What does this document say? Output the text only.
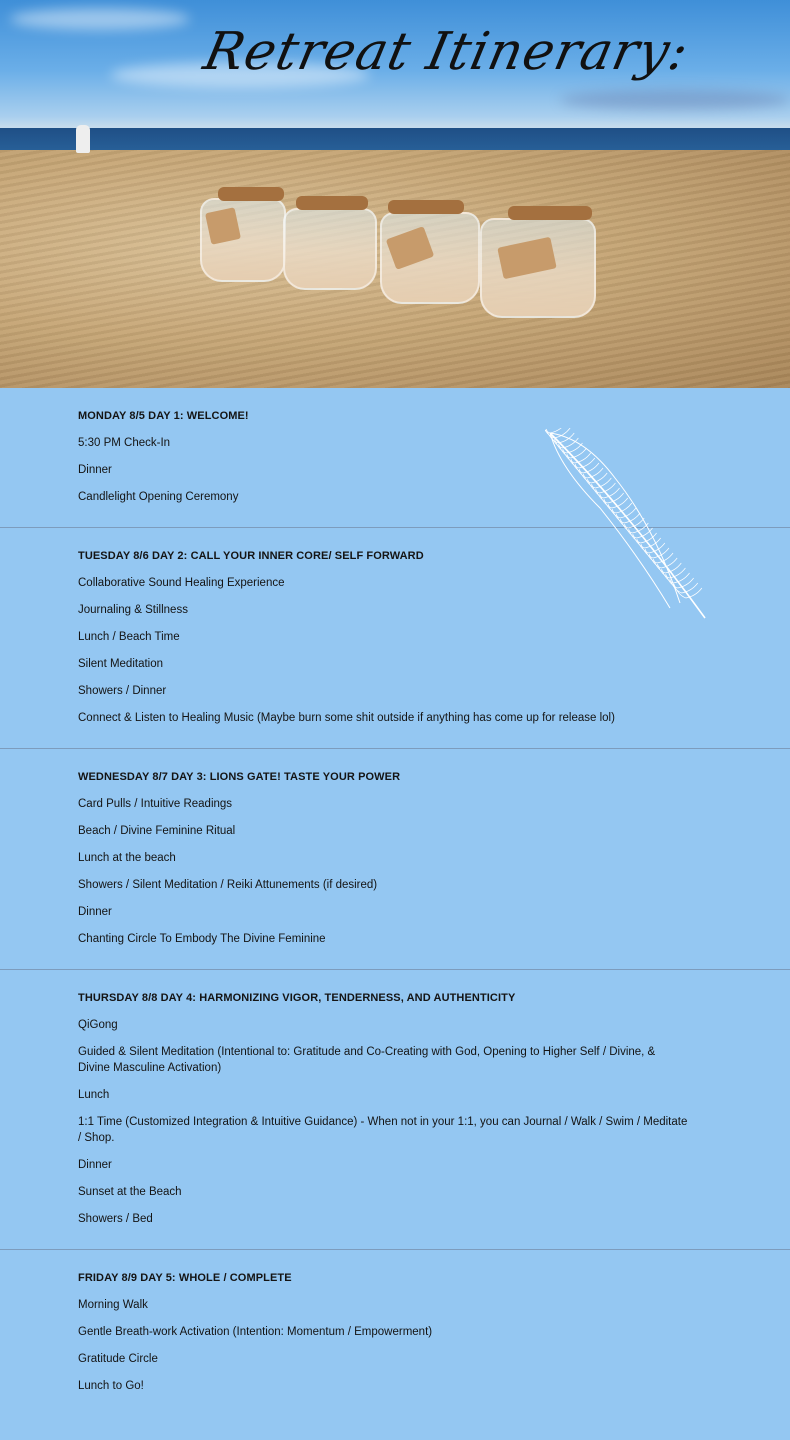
Retreat Itinerary:
MONDAY 8/5 DAY 1: WELCOME!
5:30 PM Check-In
Dinner
Candlelight Opening Ceremony
TUESDAY 8/6 DAY 2: CALL YOUR INNER CORE/ SELF FORWARD
Collaborative Sound Healing Experience
Journaling & Stillness
Lunch / Beach Time
Silent Meditation
Showers / Dinner
Connect & Listen to Healing Music (Maybe burn some shit outside if anything has come up for release lol)
WEDNESDAY 8/7 DAY 3: LIONS GATE! TASTE YOUR POWER
Card Pulls / Intuitive Readings
Beach / Divine Feminine Ritual
Lunch at the beach
Showers / Silent Meditation / Reiki Attunements (if desired)
Dinner
Chanting Circle To Embody The Divine Feminine
THURSDAY 8/8 DAY 4: HARMONIZING VIGOR, TENDERNESS, AND AUTHENTICITY
QiGong
Guided & Silent Meditation (Intentional to: Gratitude and Co-Creating with God, Opening to Higher Self / Divine, & Divine Masculine Activation)
Lunch
1:1 Time (Customized Integration & Intuitive Guidance) - When not in your 1:1, you can Journal / Walk / Swim / Meditate / Shop.
Dinner
Sunset at the Beach
Showers / Bed
FRIDAY 8/9 DAY 5: WHOLE / COMPLETE
Morning Walk
Gentle Breath-work Activation (Intention: Momentum / Empowerment)
Gratitude Circle
Lunch to Go!
